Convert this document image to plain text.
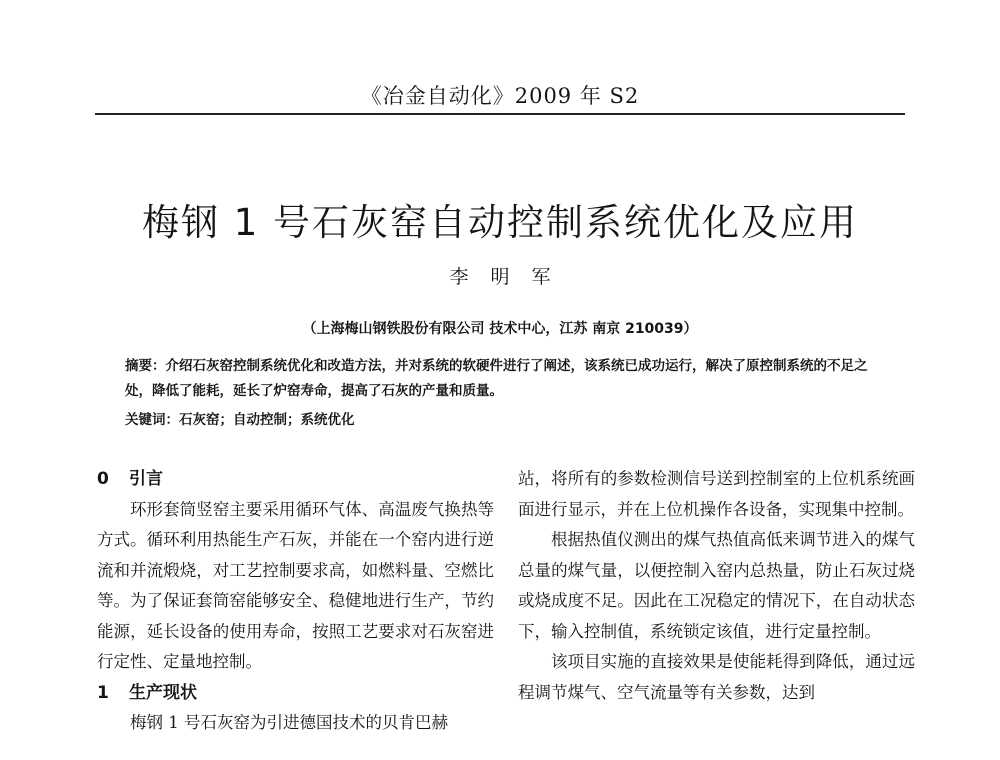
《冶金自动化》2009 年 S2
梅钢 1 号石灰窑自动控制系统优化及应用
李明军
（上海梅山钢铁股份有限公司 技术中心，江苏 南京 210039）
摘要：介绍石灰窑控制系统优化和改造方法，并对系统的软硬件进行了阐述，该系统已成功运行，解决了原控制系统的不足之处，降低了能耗，延长了炉窑寿命，提高了石灰的产量和质量。
关键词：石灰窑；自动控制；系统优化
0 引言

环形套筒竖窑主要采用循环气体、高温废气换热等方式。循环利用热能生产石灰，并能在一个窑内进行逆流和并流煅烧，对工艺控制要求高，如燃料量、空燃比等。为了保证套筒窑能够安全、稳健地进行生产，节约能源，延长设备的使用寿命，按照工艺要求对石灰窑进行定性、定量地控制。

1 生产现状

梅钢 1 号石灰窑为引进德国技术的贝肯巴赫

站，将所有的参数检测信号送到控制室的上位机系统画面进行显示，并在上位机操作各设备，实现集中控制。

根据热值仪测出的煤气热值高低来调节进入的煤气总量的煤气量，以便控制入窑内总热量，防止石灰过烧或烧成度不足。因此在工况稳定的情况下，在自动状态下，输入控制值，系统锁定该值，进行定量控制。

该项目实施的直接效果是使能耗得到降低，通过远程调节煤气、空气流量等有关参数，达到
